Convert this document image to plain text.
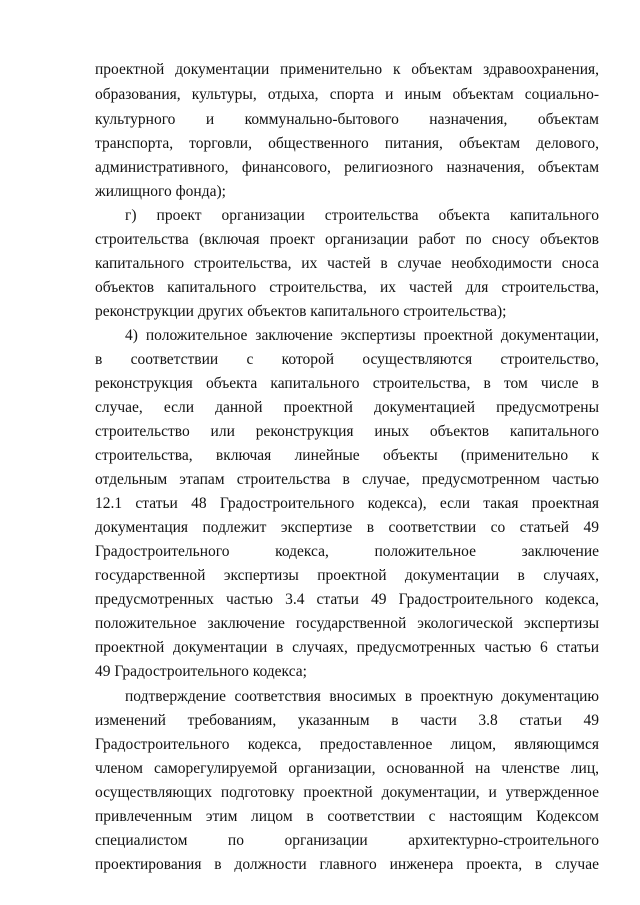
проектной документации применительно к объектам здравоохранения,

образования, культуры, отдыха, спорта и иным объектам социально-

культурного и коммунально-бытового назначения, объектам

транспорта, торговли, общественного питания, объектам делового,

административного, финансового, религиозного назначения, объектам

жилищного фонда);

г) проект организации строительства объекта капитального

строительства (включая проект организации работ по сносу объектов

капитального строительства, их частей в случае необходимости сноса

объектов капитального строительства, их частей для строительства,

реконструкции других объектов капитального строительства);

4) положительное заключение экспертизы проектной документации,

в соответствии с которой осуществляются строительство,

реконструкция объекта капитального строительства, в том числе в

случае, если данной проектной документацией предусмотрены

строительство или реконструкция иных объектов капитального

строительства, включая линейные объекты (применительно к

отдельным этапам строительства в случае, предусмотренном частью

12.1 статьи 48 Градостроительного кодекса), если такая проектная

документация подлежит экспертизе в соответствии со статьей 49

Градостроительного кодекса, положительное заключение

государственной экспертизы проектной документации в случаях,

предусмотренных частью 3.4 статьи 49 Градостроительного кодекса,

положительное заключение государственной экологической экспертизы

проектной документации в случаях, предусмотренных частью 6 статьи

49 Градостроительного кодекса;

подтверждение соответствия вносимых в проектную документацию

изменений требованиям, указанным в части 3.8 статьи 49

Градостроительного кодекса, предоставленное лицом, являющимся

членом саморегулируемой организации, основанной на членстве лиц,

осуществляющих подготовку проектной документации, и утвержденное

привлеченным этим лицом в соответствии с настоящим Кодексом

специалистом по организации архитектурно-строительного

проектирования в должности главного инженера проекта, в случае
